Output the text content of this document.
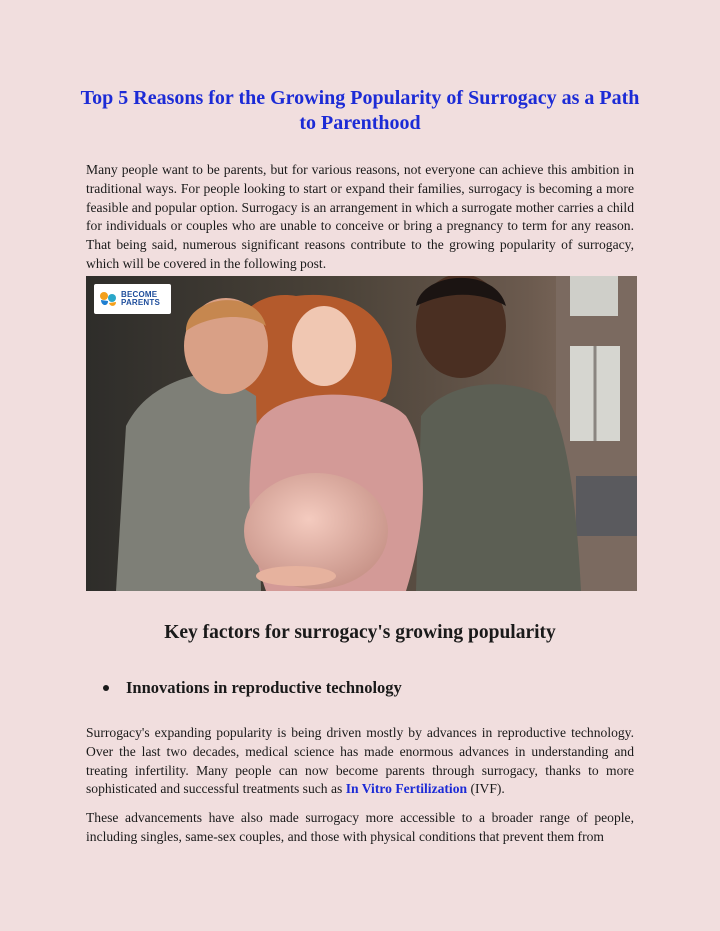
Top 5 Reasons for the Growing Popularity of Surrogacy as a Path to Parenthood

Many people want to be parents, but for various reasons, not everyone can achieve this ambition in traditional ways. For people looking to start or expand their families, surrogacy is becoming a more feasible and popular option. Surrogacy is an arrangement in which a surrogate mother carries a child for individuals or couples who are unable to conceive or bring a pregnancy to term for any reason. That being said, numerous significant reasons contribute to the growing popularity of surrogacy, which will be covered in the following post.

BECOME
PARENTS
Key factors for surrogacy's growing popularity
Innovations in reproductive technology

Surrogacy's expanding popularity is being driven mostly by advances in reproductive technology. Over the last two decades, medical science has made enormous advances in understanding and treating infertility. Many people can now become parents through surrogacy, thanks to more sophisticated and successful treatments such as In Vitro Fertilization (IVF).

These advancements have also made surrogacy more accessible to a broader range of people, including singles, same-sex couples, and those with physical conditions that prevent them from
